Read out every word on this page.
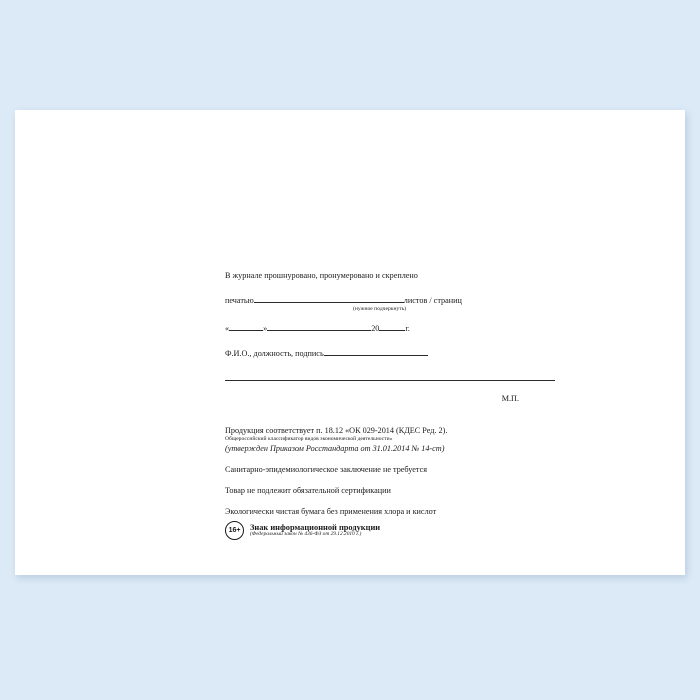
В журнале прошнуровано, пронумеровано и скреплено

печатью	листов / страниц

(нужное подчеркнуть)

«	»	20	г.

Ф.И.О., должность, подпись

М.П.

Продукция соответствует п. 18.12 «ОК 029-2014 (КДЕС Ред. 2).

Общероссийский классификатор видов экономической деятельности»

(утвержден Приказом Росстандарта от 31.01.2014 № 14-ст)

Санитарно-эпидемиологическое заключение не требуется

Товар не подлежит обязательной сертификации

Экологически чистая бумага без применения хлора и кислот

16+	Знак информационной продукции
(Федеральный закон № 436-ФЗ от 29.12.2010 г.)
